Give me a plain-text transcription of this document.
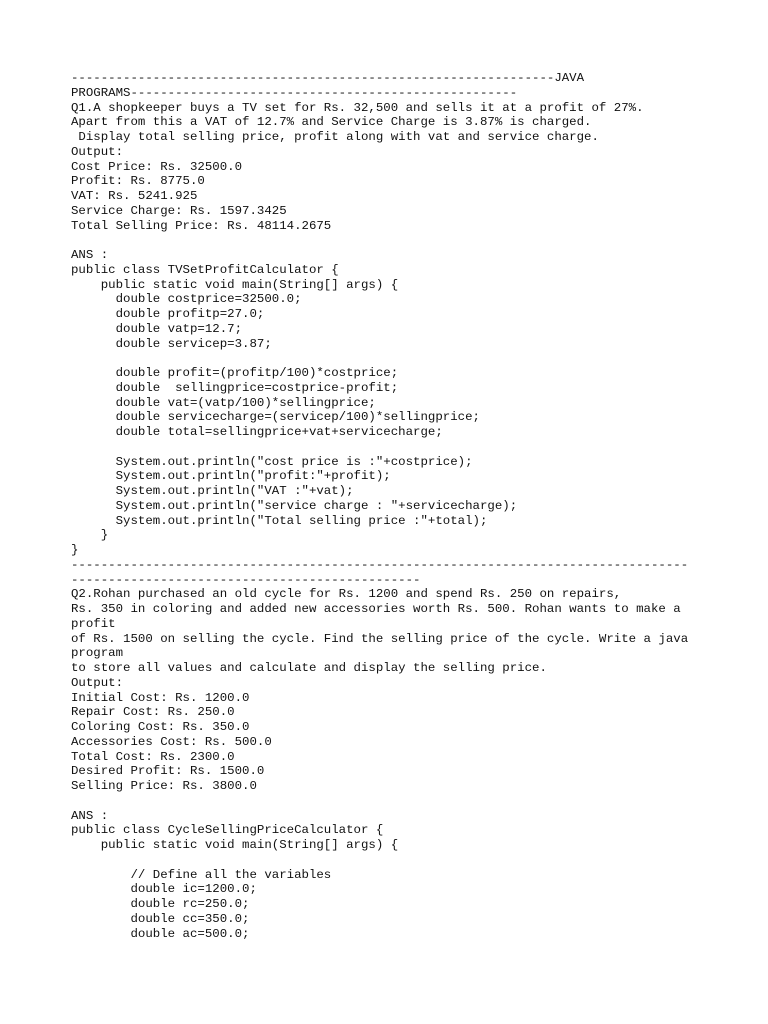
-----------------------------------------------------------------JAVA
PROGRAMS----------------------------------------------------
Q1.A shopkeeper buys a TV set for Rs. 32,500 and sells it at a profit of 27%.
Apart from this a VAT of 12.7% and Service Charge is 3.87% is charged.
Display total selling price, profit along with vat and service charge.
Output:
Cost Price: Rs. 32500.0
Profit: Rs. 8775.0
VAT: Rs. 5241.925
Service Charge: Rs. 1597.3425
Total Selling Price: Rs. 48114.2675
ANS :
public class TVSetProfitCalculator {
public static void main(String[] args) {
double costprice=32500.0;
double profitp=27.0;
double vatp=12.7;
double servicep=3.87;
double profit=(profitp/100)*costprice;
double  sellingprice=costprice-profit;
double vat=(vatp/100)*sellingprice;
double servicecharge=(servicep/100)*sellingprice;
double total=sellingprice+vat+servicecharge;
System.out.println("cost price is :"+costprice);
System.out.println("profit:"+profit);
System.out.println("VAT :"+vat);
System.out.println("service charge : "+servicecharge);
System.out.println("Total selling price :"+total);
}
}
-----------------------------------------------------------------------------------
-----------------------------------------------
Q2.Rohan purchased an old cycle for Rs. 1200 and spend Rs. 250 on repairs,
Rs. 350 in coloring and added new accessories worth Rs. 500. Rohan wants to make a
profit
of Rs. 1500 on selling the cycle. Find the selling price of the cycle. Write a java
program
to store all values and calculate and display the selling price.
Output:
Initial Cost: Rs. 1200.0
Repair Cost: Rs. 250.0
Coloring Cost: Rs. 350.0
Accessories Cost: Rs. 500.0
Total Cost: Rs. 2300.0
Desired Profit: Rs. 1500.0
Selling Price: Rs. 3800.0
ANS :
public class CycleSellingPriceCalculator {
public static void main(String[] args) {
// Define all the variables
double ic=1200.0;
double rc=250.0;
double cc=350.0;
double ac=500.0;
